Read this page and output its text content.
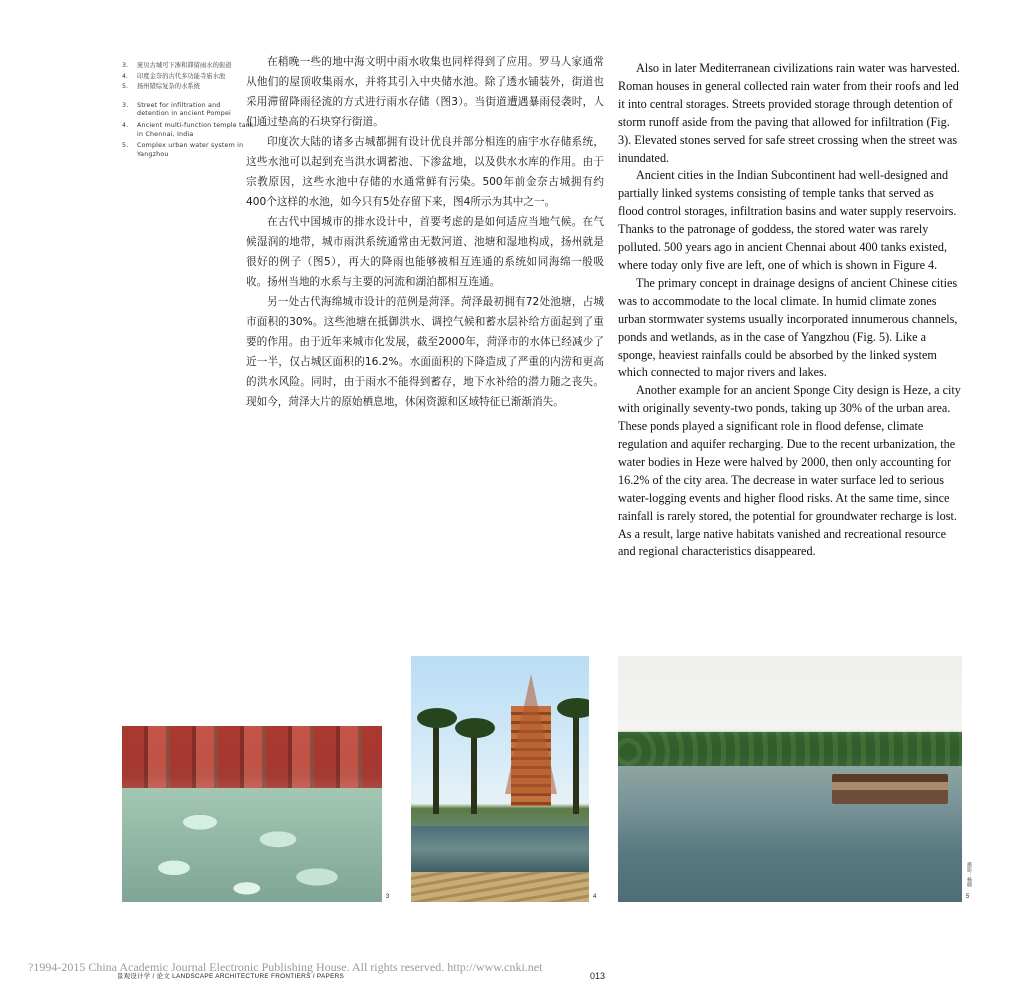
3.	庞贝古城可下渗和滞留雨水的街道
4.	印度金奈的古代多功能寺庙水池
5.	扬州错综复杂的水系统
3.	Street for infiltration and detention in ancient Pompei
4.	Ancient multi-function temple tank in Chennai, India
5.	Complex urban water system in Yangzhou

在稍晚一些的地中海文明中雨水收集也同样得到了应用。罗马人家通常从他们的屋顶收集雨水，并将其引入中央储水池。除了透水铺装外，街道也采用滞留降雨径流的方式进行雨水存储（图3）。当街道遭遇暴雨侵袭时，人们通过垫高的石块穿行街道。

印度次大陆的诸多古城都拥有设计优良并部分相连的庙宇水存储系统，这些水池可以起到充当洪水调蓄池、下渗盆地，以及供水水库的作用。由于宗教原因，这些水池中存储的水通常鲜有污染。500年前金奈古城拥有约400个这样的水池，如今只有5处存留下来，图4所示为其中之一。

在古代中国城市的排水设计中，首要考虑的是如何适应当地气候。在气候湿润的地带，城市雨洪系统通常由无数河道、池塘和湿地构成，扬州就是很好的例子（图5），再大的降雨也能够被相互连通的系统如同海绵一般吸收。扬州当地的水系与主要的河流和湖泊都相互连通。

另一处古代海绵城市设计的范例是菏泽。菏泽最初拥有72处池塘，占城市面积的30%。这些池塘在抵御洪水、调控气候和蓄水层补给方面起到了重要的作用。由于近年来城市化发展，截至2000年，菏泽市的水体已经减少了近一半，仅占城区面积的16.2%。水面面积的下降造成了严重的内涝和更高的洪水风险。同时，由于雨水不能得到蓄存，地下水补给的潜力随之丧失。现如今，菏泽大片的原始栖息地，休闲资源和区域特征已渐渐消失。

Also in later Mediterranean civilizations rain water was harvested. Roman houses in general collected rain water from their roofs and led it into central storages. Streets provided storage through detention of storm runoff aside from the paving that allowed for infiltration (Fig. 3). Elevated stones served for safe street crossing when the street was inundated.

Ancient cities in the Indian Subcontinent had well-designed and partially linked systems consisting of temple tanks that served as flood control storages, infiltration basins and water supply reservoirs. Thanks to the patronage of goddess, the stored water was rarely polluted. 500 years ago in ancient Chennai about 400 tanks existed, where today only five are left, one of which is shown in Figure 4.

The primary concept in drainage designs of ancient Chinese cities was to accommodate to the local climate. In humid climate zones urban stormwater systems usually incorporated innumerous channels, ponds and wetlands, as in the case of Yangzhou (Fig. 5). Like a sponge, heaviest rainfalls could be absorbed by the linked system which connected to major rivers and lakes.

Another example for an ancient Sponge City design is Heze, a city with originally seventy-two ponds, taking up 30% of the urban area. These ponds played a significant role in flood defense, climate regulation and aquifer recharging. Due to the recent urbanization, the water bodies in Heze were halved by 2000, then only accounting for 16.2% of the city area. The decrease in water surface led to serious water-logging events and higher flood risks. At the same time, since rainfall is rarely stored, the potential for groundwater recharge is lost. As a result, large native habitats vanished and recreational resource and regional characteristics disappeared.

3	4
摄影：杨晓
5
?1994-2015 China Academic Journal Electronic Publishing House. All rights reserved. http://www.cnki.net
景观设计学 / 论文 LANDSCAPE ARCHITECTURE FRONTIERS / PAPERS	013
